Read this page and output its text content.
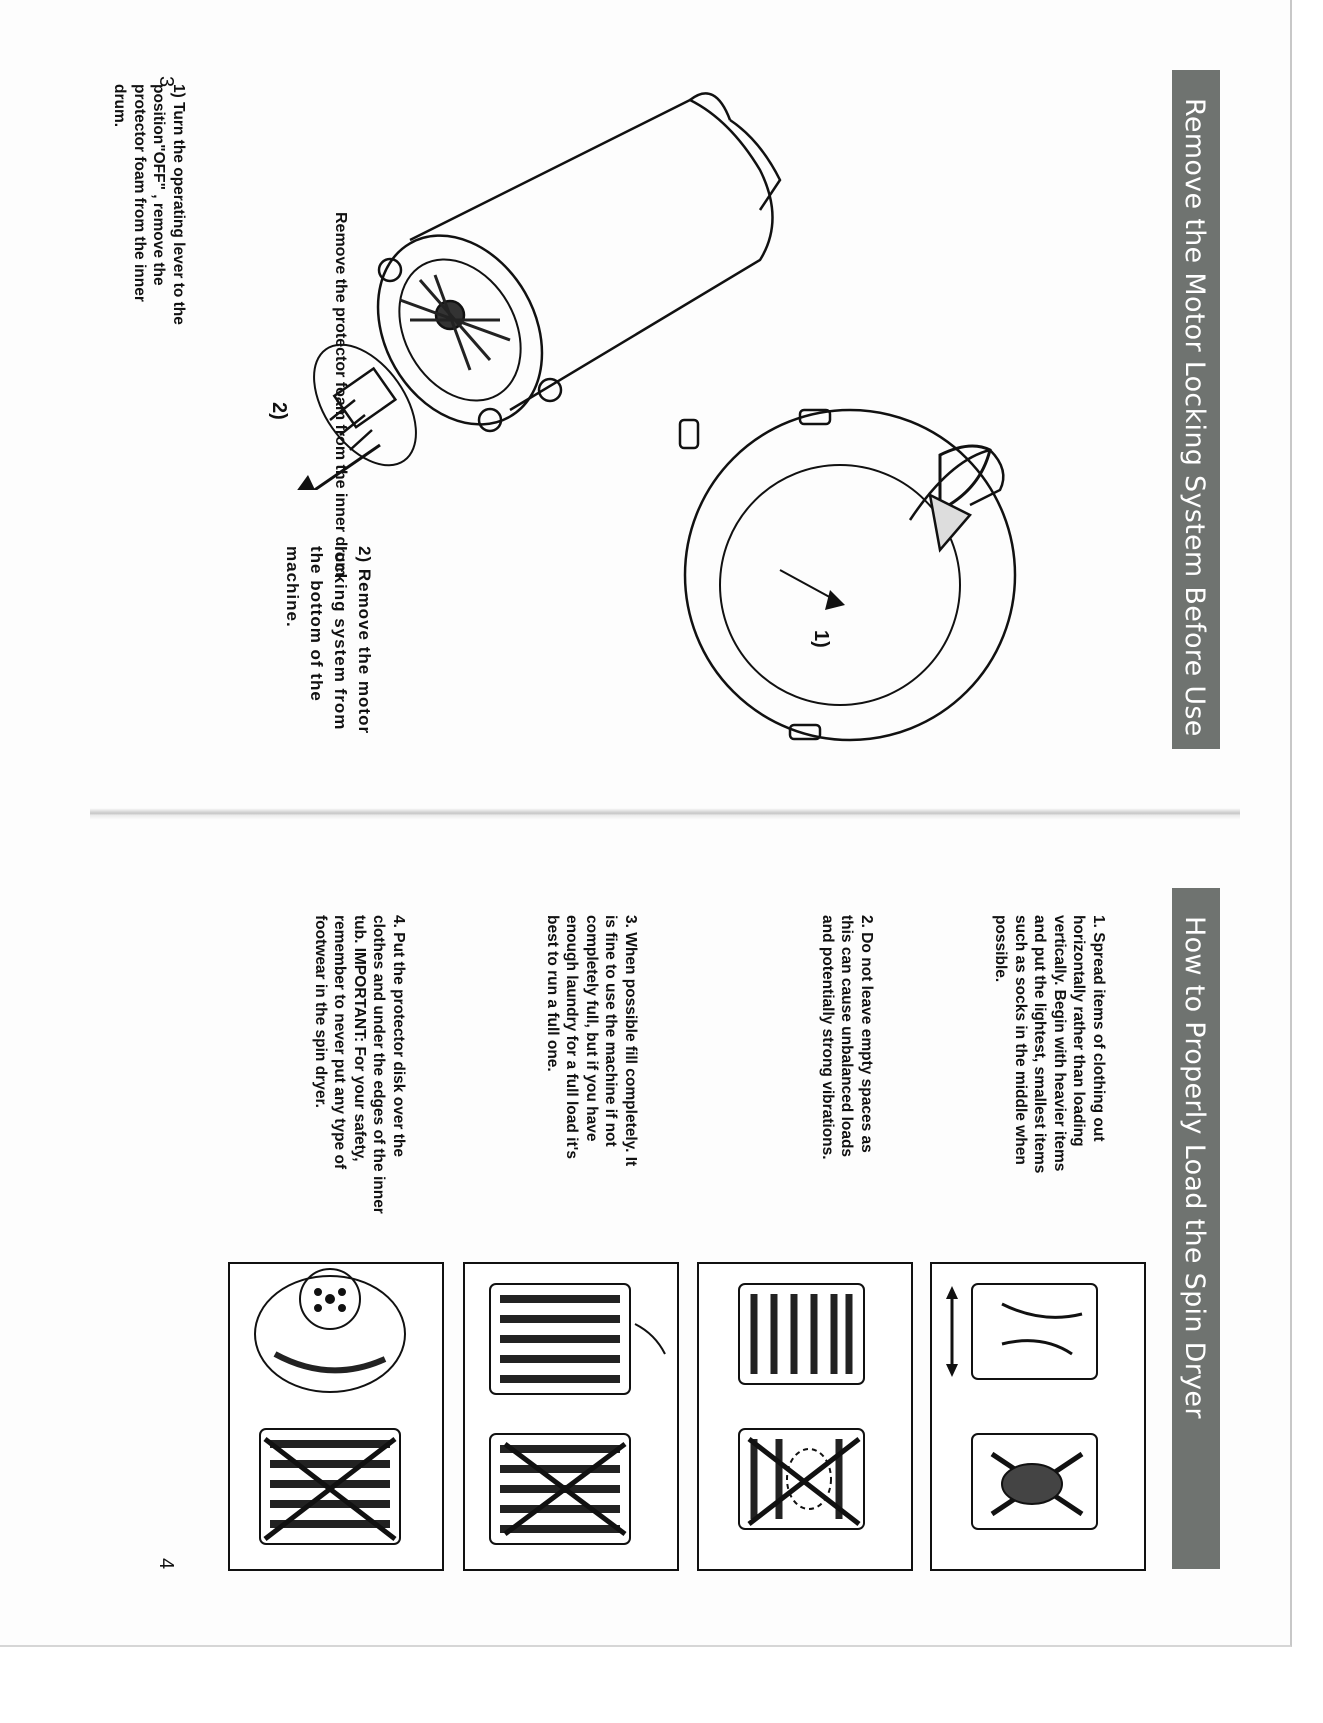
3
4
Remove the Motor Locking System Before Use
Remove the protector foam from the inner drum

1) Turn the operating lever to the position"OFF" , remove the protector foam from the inner drum.

2) Remove the motor locking system from the bottom of the machine.

2)
1)
How to Properly Load the Spin Dryer

1. Spread items of clothing out horizontally rather than loading vertically. Begin with heavier items and put the lightest, smallest items such as socks in the middle when possible.

2. Do not leave empty spaces as this can cause unbalanced loads and potentially strong vibrations.

3. When possible fill completely. It is fine to use the machine if not completely full, but if you have enough laundry for a full load it's best to run a full one.

4. Put the protector disk over the clothes and under the edges of the inner tub. IMPORTANT: For your safety, remember to never put any type of footwear in the spin dryer.
